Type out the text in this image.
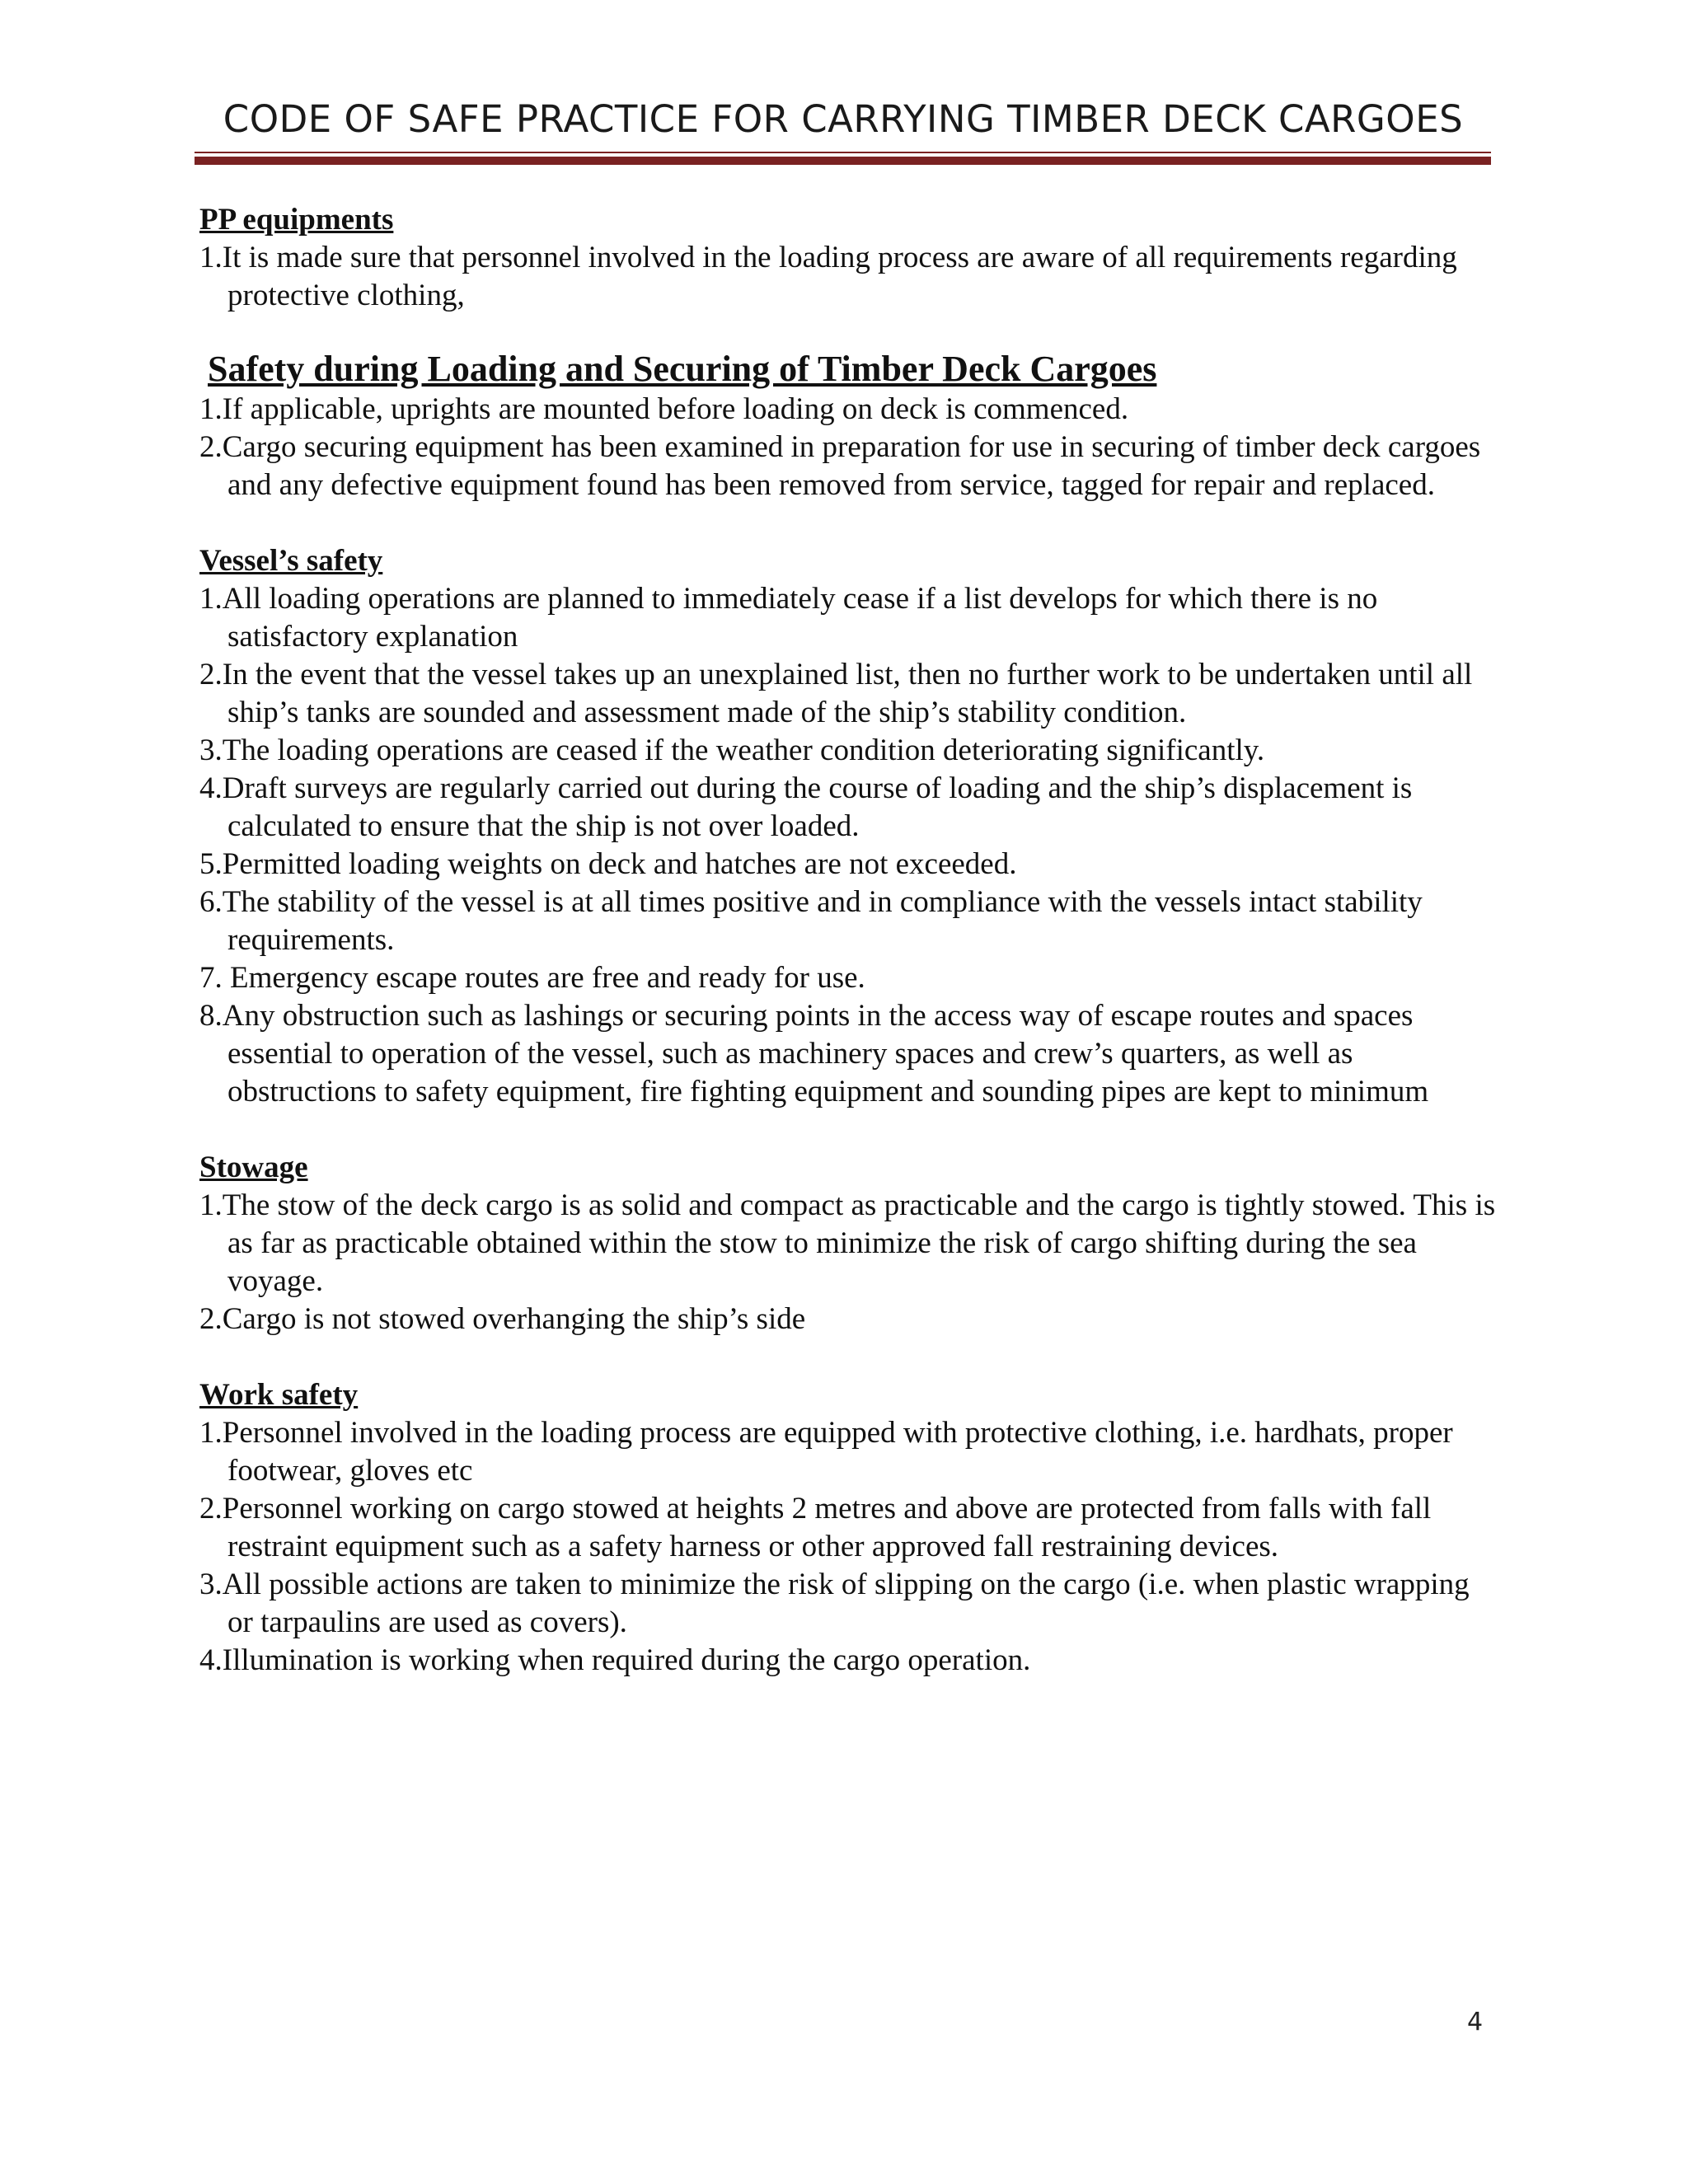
CODE OF SAFE PRACTICE FOR CARRYING TIMBER DECK CARGOES

PP equipments

1.It is made sure that personnel involved in the loading process are aware of all requirements regarding protective clothing,

Safety during Loading and Securing of Timber Deck Cargoes

1.If applicable, uprights are mounted before loading on deck is commenced.

2.Cargo securing equipment has been examined in preparation for use in securing of timber deck cargoes and any defective equipment found has been removed from service, tagged for repair and replaced.

Vessel’s safety

1.All loading operations are planned to immediately cease if a list develops for which there is no satisfactory explanation

2.In the event that the vessel takes up an unexplained list, then no further work to be undertaken until all ship’s tanks are sounded and assessment made of the ship’s stability condition.

3.The loading operations are ceased if the weather condition deteriorating significantly.

4.Draft surveys are regularly carried out during the course of loading and the ship’s displacement is calculated to ensure that the ship is not over loaded.

5.Permitted loading weights on deck and hatches are not exceeded.

6.The stability of the vessel is at all times positive and in compliance with the vessels intact stability requirements.

7. Emergency escape routes are free and ready for use.

8.Any obstruction such as lashings or securing points in the access way of escape routes and spaces essential to operation of the vessel, such as machinery spaces and crew’s quarters, as well as obstructions to safety equipment, fire fighting equipment and sounding pipes are kept to minimum

Stowage

1.The stow of the deck cargo is as solid and compact as practicable and the cargo is tightly stowed. This is as far as practicable obtained within the stow to minimize the risk of cargo shifting during the sea voyage.

2.Cargo is not stowed overhanging the ship’s side

Work safety

1.Personnel involved in the loading process are equipped with protective clothing, i.e. hardhats, proper footwear, gloves etc

2.Personnel working on cargo stowed at heights 2 metres and above are protected from falls with fall restraint equipment such as a safety harness or other approved fall restraining devices.

3.All possible actions are taken to minimize the risk of slipping on the cargo (i.e. when plastic wrapping or tarpaulins are used as covers).

4.Illumination is working when required during the cargo operation.

4
